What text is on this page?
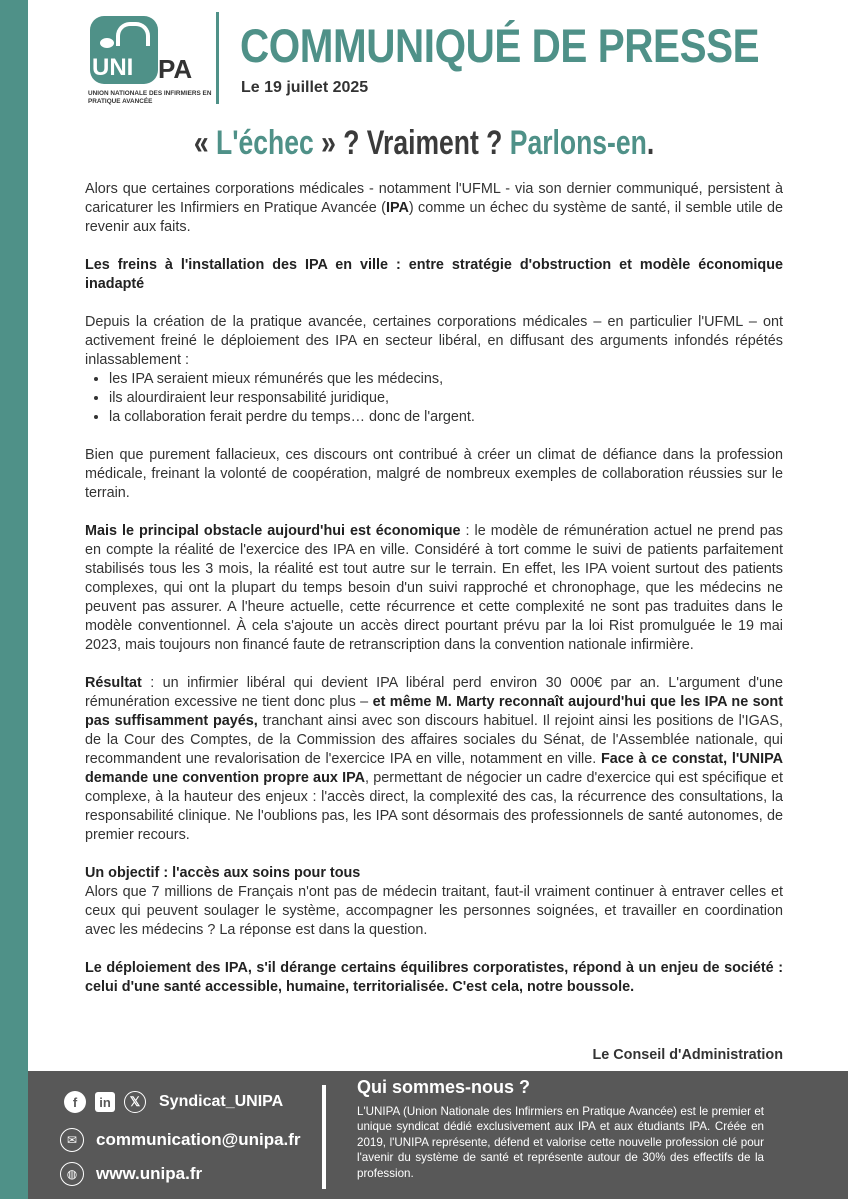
UNI PA
UNION NATIONALE DES INFIRMIERS EN PRATIQUE AVANCÉE
COMMUNIQUÉ DE PRESSE
Le 19 juillet 2025
« L'échec » ? Vraiment ? Parlons-en.

Alors que certaines corporations médicales - notamment l'UFML - via son dernier communiqué, persistent à caricaturer les Infirmiers en Pratique Avancée (IPA) comme un échec du système de santé, il semble utile de revenir aux faits.

Les freins à l'installation des IPA en ville : entre stratégie d'obstruction et modèle économique inadapté

Depuis la création de la pratique avancée, certaines corporations médicales – en particulier l'UFML – ont activement freiné le déploiement des IPA en secteur libéral, en diffusant des arguments infondés répétés inlassablement :

• les IPA seraient mieux rémunérés que les médecins,
• ils alourdiraient leur responsabilité juridique,
• la collaboration ferait perdre du temps… donc de l'argent.

Bien que purement fallacieux, ces discours ont contribué à créer un climat de défiance dans la profession médicale, freinant la volonté de coopération, malgré de nombreux exemples de collaboration réussies sur le terrain.

Mais le principal obstacle aujourd'hui est économique : le modèle de rémunération actuel ne prend pas en compte la réalité de l'exercice des IPA en ville. Considéré à tort comme le suivi de patients parfaitement stabilisés tous les 3 mois, la réalité est tout autre sur le terrain. En effet, les IPA voient surtout des patients complexes, qui ont la plupart du temps besoin d'un suivi rapproché et chronophage, que les médecins ne peuvent pas assurer. A l'heure actuelle, cette récurrence et cette complexité ne sont pas traduites dans le modèle conventionnel. À cela s'ajoute un accès direct pourtant prévu par la loi Rist promulguée le 19 mai 2023, mais toujours non financé faute de retranscription dans la convention nationale infirmière.

Résultat : un infirmier libéral qui devient IPA libéral perd environ 30 000€ par an. L'argument d'une rémunération excessive ne tient donc plus – et même M. Marty reconnaît aujourd'hui que les IPA ne sont pas suffisamment payés, tranchant ainsi avec son discours habituel. Il rejoint ainsi les positions de l'IGAS, de la Cour des Comptes, de la Commission des affaires sociales du Sénat, de l'Assemblée nationale, qui recommandent une revalorisation de l'exercice IPA en ville, notamment en ville. Face à ce constat, l'UNIPA demande une convention propre aux IPA, permettant de négocier un cadre d'exercice qui est spécifique et complexe, à la hauteur des enjeux : l'accès direct, la complexité des cas, la récurrence des consultations, la responsabilité clinique. Ne l'oublions pas, les IPA sont désormais des professionnels de santé autonomes, de premier recours.

Un objectif : l'accès aux soins pour tous

Alors que 7 millions de Français n'ont pas de médecin traitant, faut-il vraiment continuer à entraver celles et ceux qui peuvent soulager le système, accompagner les personnes soignées, et travailler en coordination avec les médecins ? La réponse est dans la question.

Le déploiement des IPA, s'il dérange certains équilibres corporatistes, répond à un enjeu de société : celui d'une santé accessible, humaine, territorialisée. C'est cela, notre boussole.

Le Conseil d'Administration
f	in	𝕏	Syndicat_UNIPA
✉	communication@unipa.fr
◍	www.unipa.fr
Qui sommes-nous ?
L'UNIPA (Union Nationale des Infirmiers en Pratique Avancée) est le premier et unique syndicat dédié exclusivement aux IPA et aux étudiants IPA. Créée en 2019, l'UNIPA représente, défend et valorise cette nouvelle profession clé pour l'avenir du système de santé et représente autour de 30% des effectifs de la profession.
